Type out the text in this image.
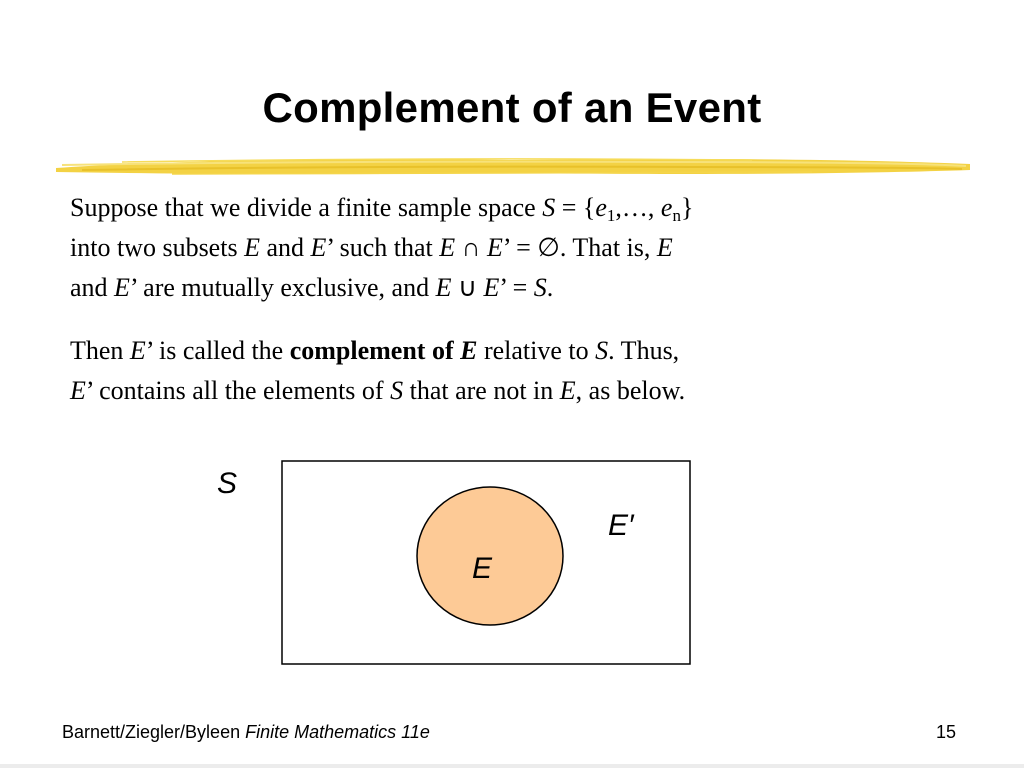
Complement of an Event
Suppose that we divide a finite sample space $S = \{e_1,\dots$, $e_n$}
into two subsets E and E’ such that E ∩ E’ = ∅. That is, E
and E’ are mutually exclusive, and E ∪ E’ = S.
Then E’ is called the complement of E relative to S. Thus,
E’ contains all the elements of S that are not in E, as below.
S
E′
E
Barnett/Ziegler/Byleen Finite Mathematics 11e	15
